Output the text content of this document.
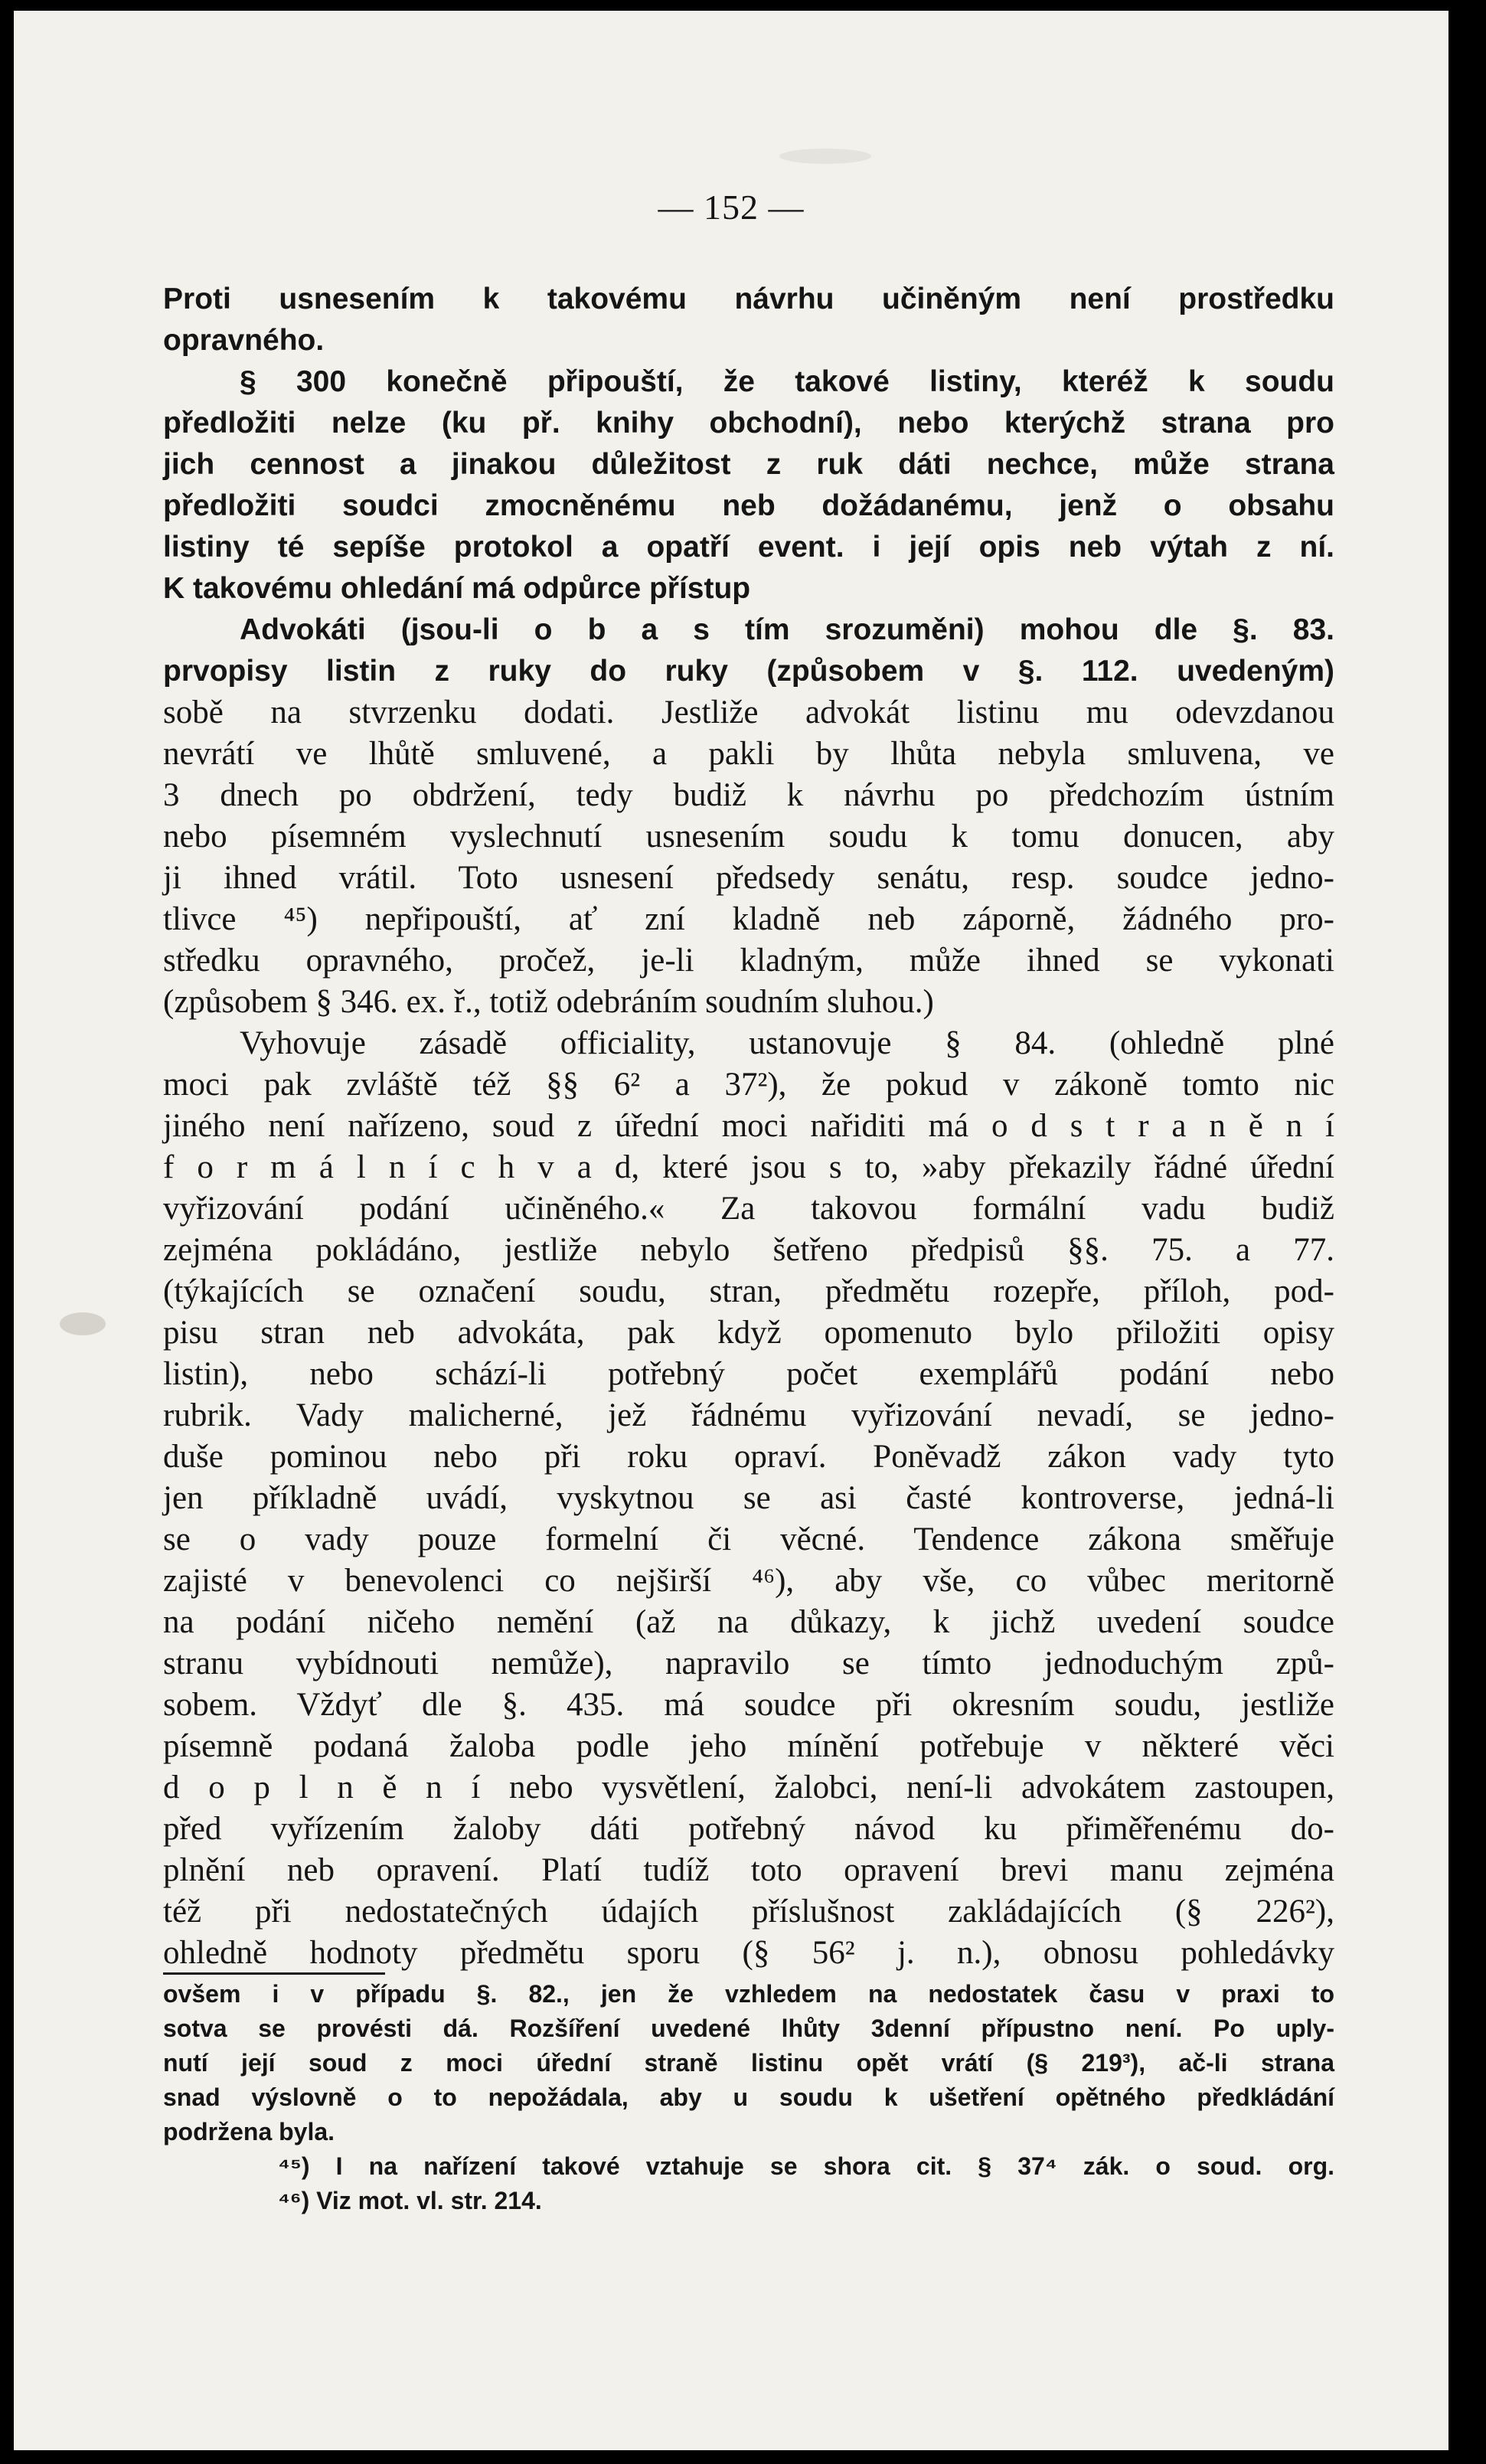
— 152 —
Proti usnesením k takovému návrhu učiněným není prostředku
opravného.
§ 300 konečně připouští, že takové listiny, kteréž k soudu
předložiti nelze (ku př. knihy obchodní), nebo kterýchž strana pro
jich cennost a jinakou důležitost z ruk dáti nechce, může strana
předložiti soudci zmocněnému neb dožádanému, jenž o obsahu
listiny té sepíše protokol a opatří event. i její opis neb výtah z ní.
K takovému ohledání má odpůrce přístup
Advokáti (jsou-li o b a s tím srozuměni) mohou dle §. 83.
prvopisy listin z ruky do ruky (způsobem v §. 112. uvedeným)
sobě na stvrzenku dodati. Jestliže advokát listinu mu odevzdanou
nevrátí ve lhůtě smluvené, a pakli by lhůta nebyla smluvena, ve
3 dnech po obdržení, tedy budiž k návrhu po předchozím ústním
nebo písemném vyslechnutí usnesením soudu k tomu donucen, aby
ji ihned vrátil. Toto usnesení předsedy senátu, resp. soudce jedno-
tlivce ⁴⁵) nepřipouští, ať zní kladně neb záporně, žádného pro-
středku opravného, pročež, je-li kladným, může ihned se vykonati
(způsobem § 346. ex. ř., totiž odebráním soudním sluhou.)
Vyhovuje zásadě officiality, ustanovuje § 84. (ohledně plné
moci pak zvláště též §§ 6² a 37²), že pokud v zákoně tomto nic
jiného není nařízeno, soud z úřední moci nařiditi má o d s t r a n ě n í
f o r m á l n í c h v a d, které jsou s to, »aby překazily řádné úřední
vyřizování podání učiněného.« Za takovou formální vadu budiž
zejména pokládáno, jestliže nebylo šetřeno předpisů §§. 75. a 77.
(týkajících se označení soudu, stran, předmětu rozepře, příloh, pod-
pisu stran neb advokáta, pak když opomenuto bylo přiložiti opisy
listin), nebo schází-li potřebný počet exemplářů podání nebo
rubrik. Vady malicherné, jež řádnému vyřizování nevadí, se jedno-
duše pominou nebo při roku opraví. Poněvadž zákon vady tyto
jen příkladně uvádí, vyskytnou se asi časté kontroverse, jedná-li
se o vady pouze formelní či věcné. Tendence zákona směřuje
zajisté v benevolenci co nejširší ⁴⁶), aby vše, co vůbec meritorně
na podání ničeho nemění (až na důkazy, k jichž uvedení soudce
stranu vybídnouti nemůže), napravilo se tímto jednoduchým způ-
sobem. Vždyť dle §. 435. má soudce při okresním soudu, jestliže
písemně podaná žaloba podle jeho mínění potřebuje v některé věci
d o p l n ě n í nebo vysvětlení, žalobci, není-li advokátem zastoupen,
před vyřízením žaloby dáti potřebný návod ku přiměřenému do-
plnění neb opravení. Platí tudíž toto opravení brevi manu zejména
též při nedostatečných údajích příslušnost zakládajících (§ 226²),
ohledně hodnoty předmětu sporu (§ 56² j. n.), obnosu pohledávky
ovšem i v případu §. 82., jen že vzhledem na nedostatek času v praxi to
sotva se provésti dá. Rozšíření uvedené lhůty 3denní přípustno není. Po uply-
nutí její soud z moci úřední straně listinu opět vrátí (§ 219³), ač-li strana
snad výslovně o to nepožádala, aby u soudu k ušetření opětného předkládání
podržena byla.
⁴⁵) I na nařízení takové vztahuje se shora cit. § 37⁴ zák. o soud. org.
⁴⁶) Viz mot. vl. str. 214.
